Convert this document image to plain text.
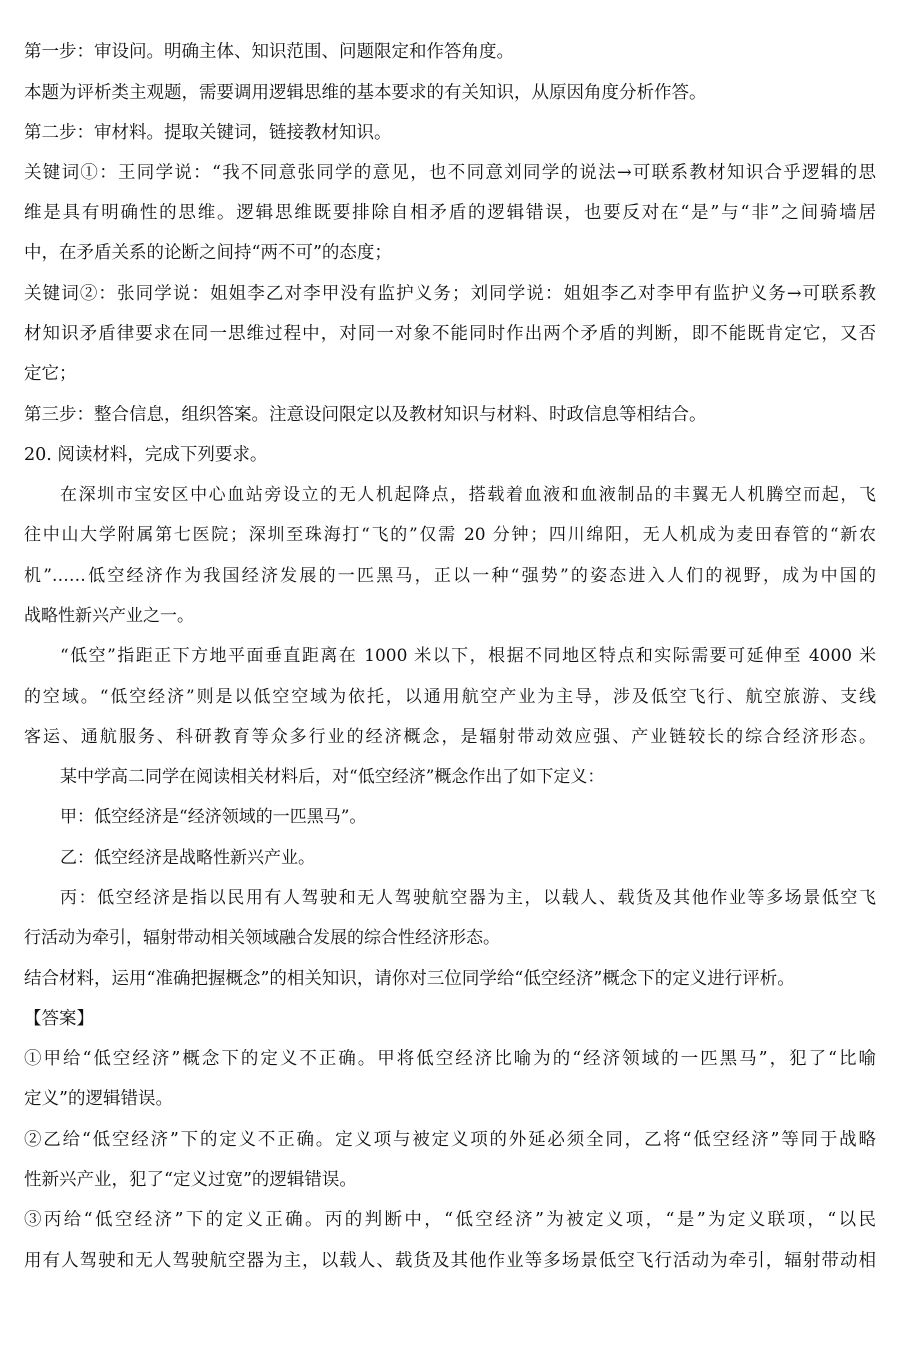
第一步：审设问。明确主体、知识范围、问题限定和作答角度。
本题为评析类主观题，需要调用逻辑思维的基本要求的有关知识，从原因角度分析作答。
第二步：审材料。提取关键词，链接教材知识。
关键词①：王同学说：“我不同意张同学的意见，也不同意刘同学的说法→可联系教材知识合乎逻辑的思
维是具有明确性的思维。逻辑思维既要排除自相矛盾的逻辑错误，也要反对在“是”与“非”之间骑墙居
中，在矛盾关系的论断之间持“两不可”的态度；
关键词②：张同学说：姐姐李乙对李甲没有监护义务；刘同学说：姐姐李乙对李甲有监护义务→可联系教
材知识矛盾律要求在同一思维过程中，对同一对象不能同时作出两个矛盾的判断，即不能既肯定它，又否
定它；
第三步：整合信息，组织答案。注意设问限定以及教材知识与材料、时政信息等相结合。
20. 阅读材料，完成下列要求。
在深圳市宝安区中心血站旁设立的无人机起降点，搭载着血液和血液制品的丰翼无人机腾空而起，飞
往中山大学附属第七医院；深圳至珠海打“飞的”仅需 20 分钟；四川绵阳，无人机成为麦田春管的“新农
机”……低空经济作为我国经济发展的一匹黑马，正以一种“强势”的姿态进入人们的视野，成为中国的
战略性新兴产业之一。
“低空”指距正下方地平面垂直距离在 1000 米以下，根据不同地区特点和实际需要可延伸至 4000 米
的空域。“低空经济”则是以低空空域为依托，以通用航空产业为主导，涉及低空飞行、航空旅游、支线
客运、通航服务、科研教育等众多行业的经济概念，是辐射带动效应强、产业链较长的综合经济形态。
某中学高二同学在阅读相关材料后，对“低空经济”概念作出了如下定义：
甲：低空经济是“经济领域的一匹黑马”。
乙：低空经济是战略性新兴产业。
丙：低空经济是指以民用有人驾驶和无人驾驶航空器为主，以载人、载货及其他作业等多场景低空飞
行活动为牵引，辐射带动相关领域融合发展的综合性经济形态。
结合材料，运用“准确把握概念”的相关知识，请你对三位同学给“低空经济”概念下的定义进行评析。
【答案】
①甲给“低空经济”概念下的定义不正确。甲将低空经济比喻为的“经济领域的一匹黑马”，犯了“比喻
定义”的逻辑错误。
②乙给“低空经济”下的定义不正确。定义项与被定义项的外延必须全同，乙将“低空经济”等同于战略
性新兴产业，犯了“定义过宽”的逻辑错误。
③丙给“低空经济”下的定义正确。丙的判断中，“低空经济”为被定义项，“是”为定义联项，“以民
用有人驾驶和无人驾驶航空器为主，以载人、载货及其他作业等多场景低空飞行活动为牵引，辐射带动相
